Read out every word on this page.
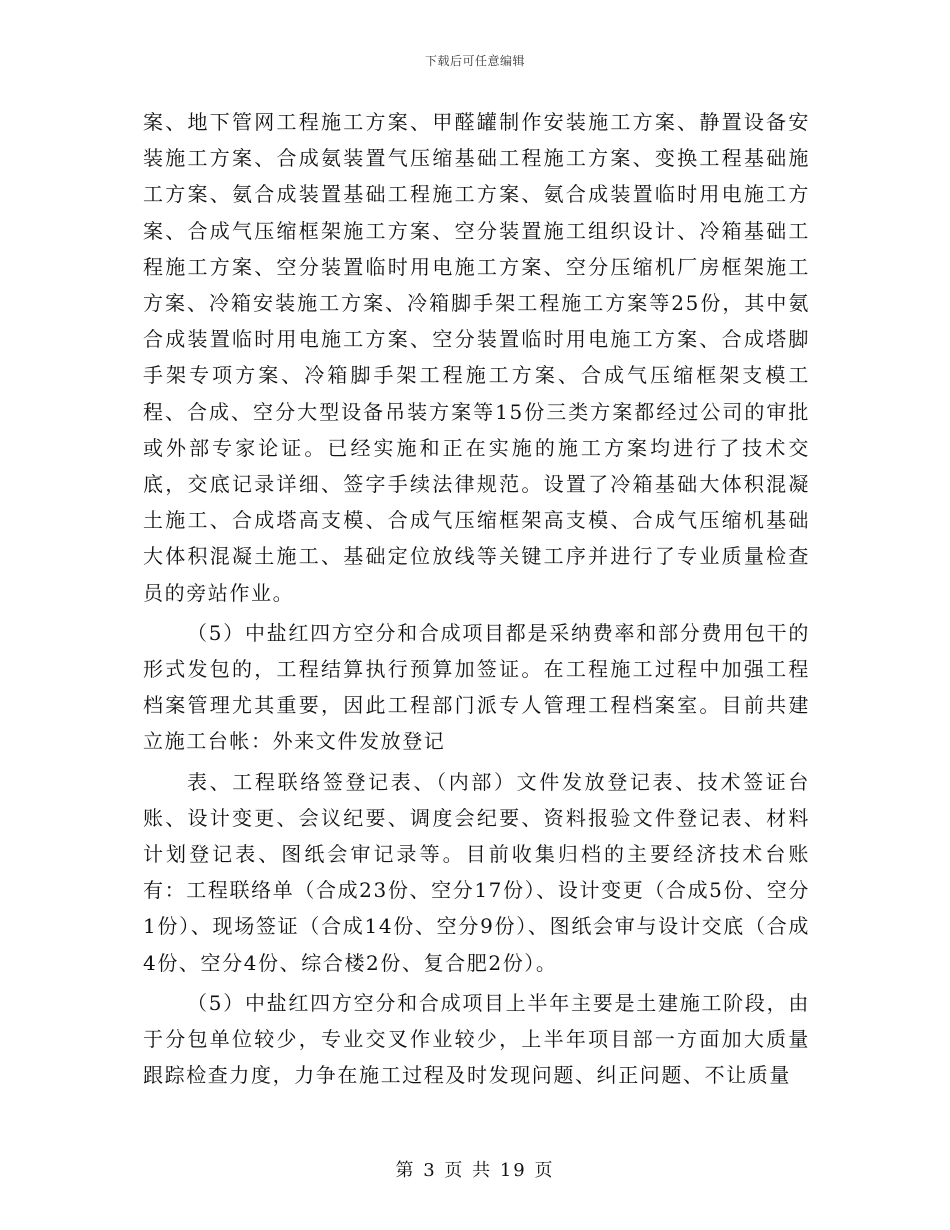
下载后可任意编辑

案、地下管网工程施工方案、甲醛罐制作安装施工方案、静置设备安装施工方案、合成氨装置气压缩基础工程施工方案、变换工程基础施工方案、氨合成装置基础工程施工方案、氨合成装置临时用电施工方案、合成气压缩框架施工方案、空分装置施工组织设计、冷箱基础工程施工方案、空分装置临时用电施工方案、空分压缩机厂房框架施工方案、冷箱安装施工方案、冷箱脚手架工程施工方案等25份，其中氨合成装置临时用电施工方案、空分装置临时用电施工方案、合成塔脚手架专项方案、冷箱脚手架工程施工方案、合成气压缩框架支模工程、合成、空分大型设备吊装方案等15份三类方案都经过公司的审批或外部专家论证。已经实施和正在实施的施工方案均进行了技术交底，交底记录详细、签字手续法律规范。设置了冷箱基础大体积混凝土施工、合成塔高支模、合成气压缩框架高支模、合成气压缩机基础大体积混凝土施工、基础定位放线等关键工序并进行了专业质量检查员的旁站作业。

（5）中盐红四方空分和合成项目都是采纳费率和部分费用包干的形式发包的，工程结算执行预算加签证。在工程施工过程中加强工程档案管理尤其重要，因此工程部门派专人管理工程档案室。目前共建立施工台帐：外来文件发放登记

表、工程联络签登记表、（内部）文件发放登记表、技术签证台账、设计变更、会议纪要、调度会纪要、资料报验文件登记表、材料计划登记表、图纸会审记录等。目前收集归档的主要经济技术台账有：工程联络单（合成23份、空分17份）、设计变更（合成5份、空分1份）、现场签证（合成14份、空分9份）、图纸会审与设计交底（合成4份、空分4份、综合楼2份、复合肥2份）。

（5）中盐红四方空分和合成项目上半年主要是土建施工阶段，由于分包单位较少，专业交叉作业较少，上半年项目部一方面加大质量跟踪检查力度，力争在施工过程及时发现问题、纠正问题、不让质量

第 3 页 共 19 页
